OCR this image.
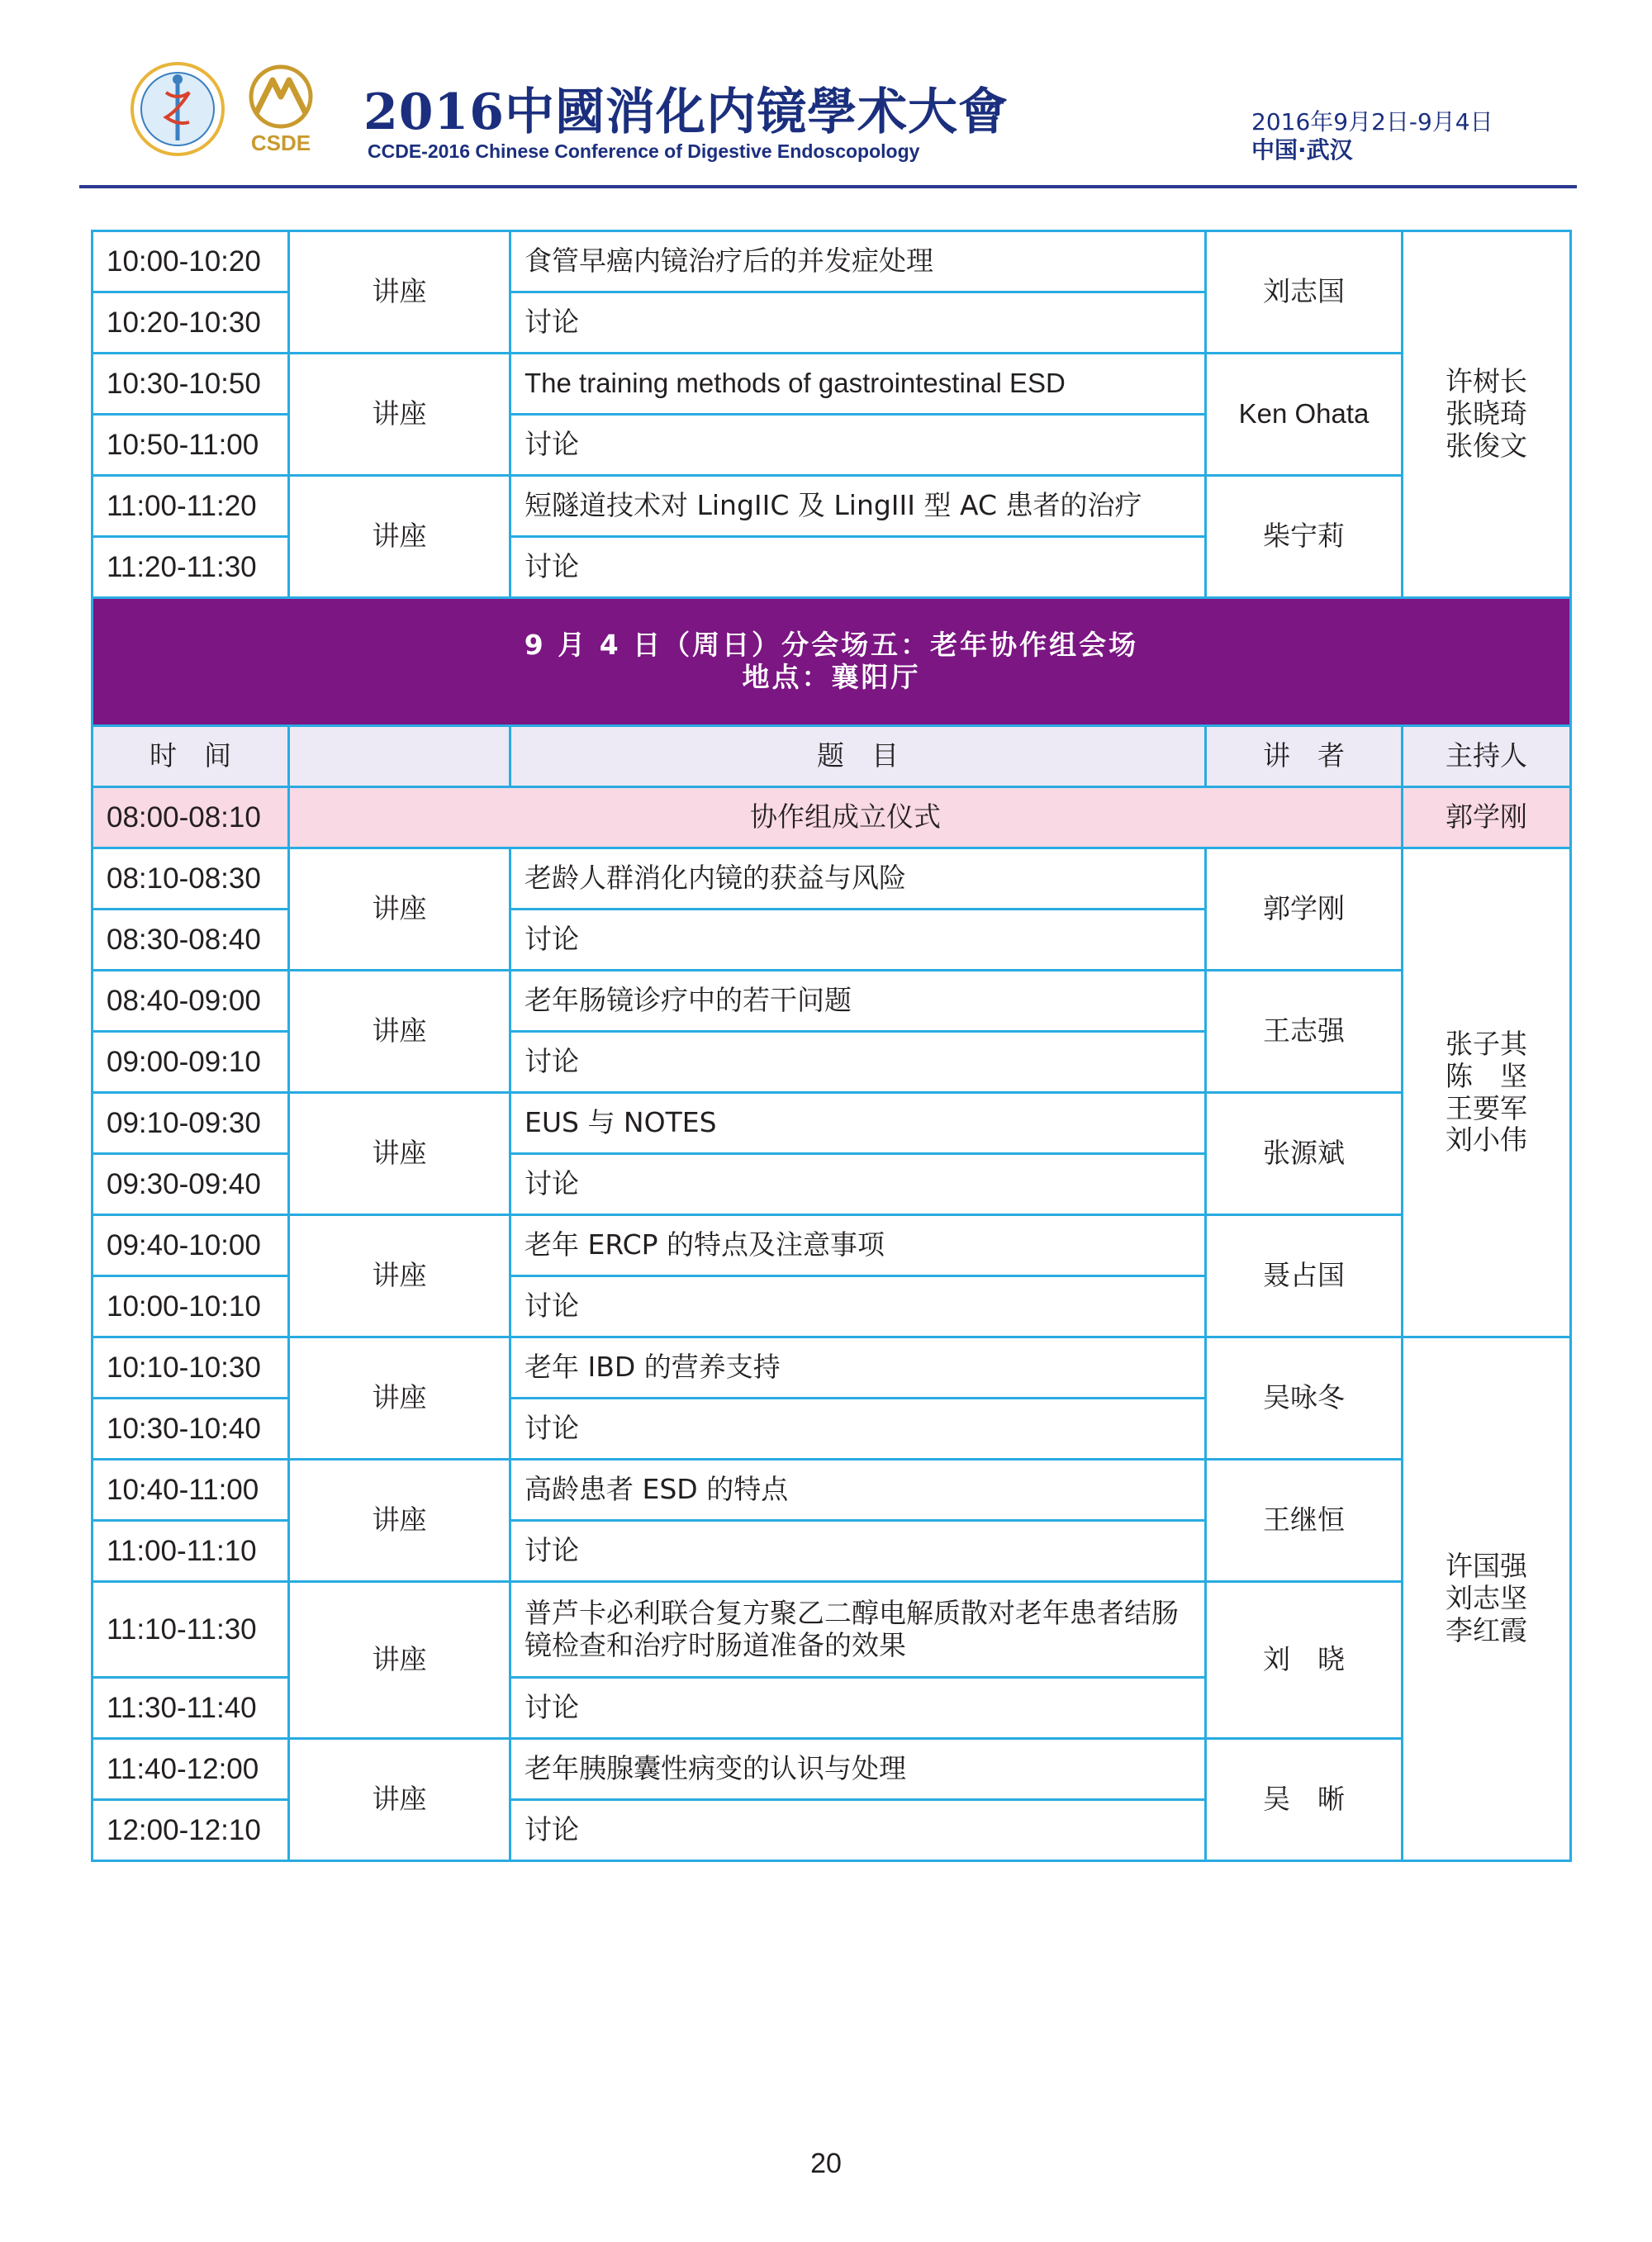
CSDE
2016中國消化内镜學术大會
CCDE-2016 Chinese Conference of Digestive Endoscopology
2016年9月2日-9月4日
中国·武汉
10:00-10:20	讲座	食管早癌内镜治疗后的并发症处理	刘志国	许树长
张晓琦
张俊文

10:20-10:30		讨论		
10:30-10:50	讲座	The training methods of gastrointestinal ESD	Ken Ohata	
10:50-11:00		讨论		
11:00-11:20	讲座	短隧道技术对 LingIIC 及 LingIII 型 AC 患者的治疗	柴宁莉	
11:20-11:30		讨论		

9 月 4 日（周日）分会场五：老年协作组会场
地点：襄阳厅				

时　间		题　目	讲　者	主持人
08:00-08:10	协作组成立仪式			郭学刚
08:10-08:30	讲座	老龄人群消化内镜的获益与风险	郭学刚	张子其
陈　坚
王要军
刘小伟

08:30-08:40		讨论		
08:40-09:00	讲座	老年肠镜诊疗中的若干问题	王志强	
09:00-09:10		讨论		
09:10-09:30	讲座	EUS 与 NOTES	张源斌	
09:30-09:40		讨论		
09:40-10:00	讲座	老年 ERCP 的特点及注意事项	聂占国	
10:00-10:10		讨论		
10:10-10:30	讲座	老年 IBD 的营养支持	吴咏冬	许国强
刘志坚
李红霞

10:30-10:40		讨论		
10:40-11:00	讲座	高龄患者 ESD 的特点	王继恒	
11:00-11:10		讨论		
11:10-11:30	讲座	普芦卡必利联合复方聚乙二醇电解质散对老年患者结肠镜检查和治疗时肠道准备的效果	刘　晓	
11:30-11:40		讨论		
11:40-12:00	讲座	老年胰腺囊性病变的认识与处理	吴　晰	
12:00-12:10		讨论		
20
